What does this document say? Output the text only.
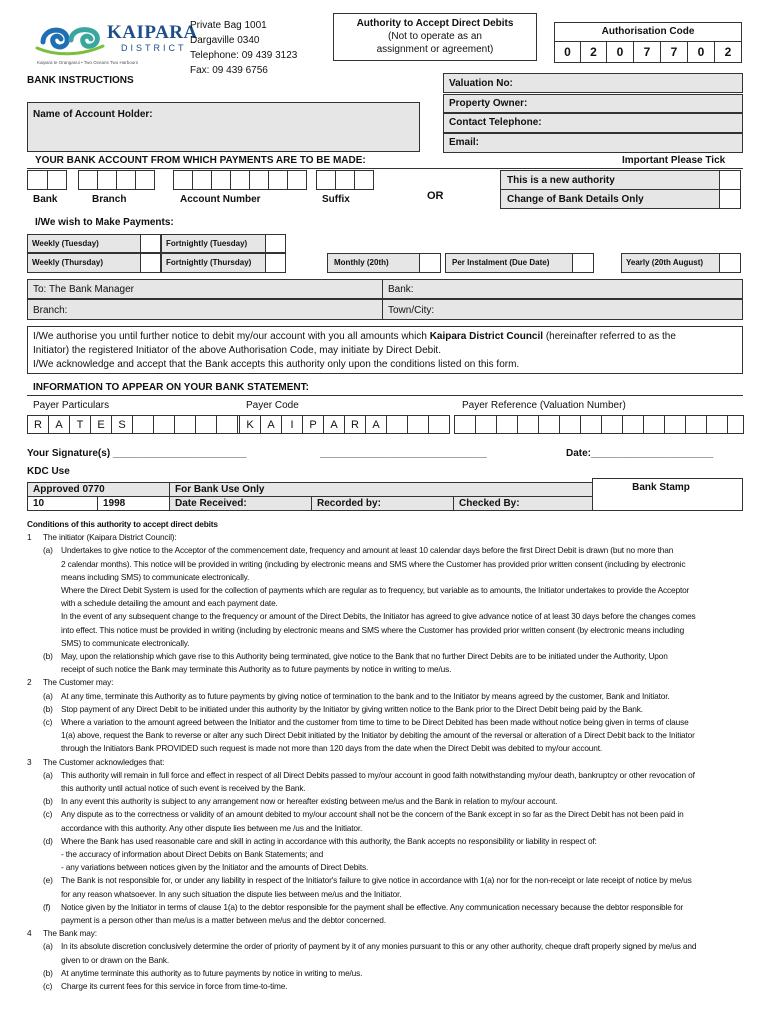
KAIPARA
DISTRICT
Kaipara te Oranganui • Two Oceans Two Harbours
Private Bag 1001
Dargaville 0340
Telephone: 09 439 3123
Fax: 09 439 6756
Authority to Accept Direct Debits
(Not to operate as an assignment or agreement)
Authorisation Code
0	2	0	7	7	0	2
BANK INSTRUCTIONS	Valuation No:
Property Owner:
Contact Telephone:
Email:
Name of Account Holder:
YOUR BANK ACCOUNT FROM WHICH PAYMENTS ARE TO BE MADE:	Important Please Tick
Bank	Branch	Account Number	Suffix	OR
This is a new authority
Change of Bank Details Only
I/We wish to Make Payments:
Weekly (Tuesday)	Fortnightly (Tuesday)
Weekly (Thursday)	Fortnightly (Thursday)	Monthly (20th)	Per Instalment (Due Date)	Yearly (20th August)
To: The Bank Manager	Bank:
Branch:	Town/City:
I/We authorise you until further notice to debit my/our account with you all amounts which Kaipara District Council (hereinafter referred to as the
Initiator) the registered Initiator of the above Authorisation Code, may initiate by Direct Debit.
I/We acknowledge and accept that the Bank accepts this authority only upon the conditions listed on this form.
INFORMATION TO APPEAR ON YOUR BANK STATEMENT:
Payer Particulars	Payer Code	Payer Reference (Valuation Number)
R	A	T	E	S	K	A	I	P	A	R	A
Your Signature(s) ________________________	______________________________	Date:______________________
KDC Use
Approved 0770
10	1998
For Bank Use Only
Date Received:	Recorded by:	Checked By:
Bank Stamp
Conditions of this authority to accept direct debits
1 The initiator (Kaipara District Council):
(a) Undertakes to give notice to the Acceptor of the commencement date, frequency and amount at least 10 calendar days before the first Direct Debit is drawn (but no more than
2 calendar months). This notice will be provided in writing (including by electronic means and SMS where the Customer has provided prior written consent (including by electronic
means including SMS) to communicate electronically.
Where the Direct Debit System is used for the collection of payments which are regular as to frequency, but variable as to amounts, the Initiator undertakes to provide the Acceptor
with a schedule detailing the amount and each payment date.
In the event of any subsequent change to the frequency or amount of the Direct Debits, the Initiator has agreed to give advance notice of at least 30 days before the changes comes
into effect. This notice must be provided in writing (including by electronic means and SMS where the Customer has provided prior written consent (by electronic means including
SMS) to communicate electronically.
(b) May, upon the relationship which gave rise to this Authority being terminated, give notice to the Bank that no further Direct Debits are to be initiated under the Authority, Upon
receipt of such notice the Bank may terminate this Authority as to future payments by notice in writing to me/us.
2 The Customer may:
(a) At any time, terminate this Authority as to future payments by giving notice of termination to the bank and to the Initiator by means agreed by the customer, Bank and Initiator.
(b) Stop payment of any Direct Debit to be initiated under this authority by the Initiator by giving written notice to the Bank prior to the Direct Debit being paid by the Bank.
(c) Where a variation to the amount agreed between the Initiator and the customer from time to time to be Direct Debited has been made without notice being given in terms of clause
1(a) above, request the Bank to reverse or alter any such Direct Debit initiated by the Initiator by debiting the amount of the reversal or alteration of a Direct Debit back to the Initiator
through the Initiators Bank PROVIDED such request is made not more than 120 days from the date when the Direct Debit was debited to my/our account.
3 The Customer acknowledges that:
(a) This authority will remain in full force and effect in respect of all Direct Debits passed to my/our account in good faith notwithstanding my/our death, bankruptcy or other revocation of
this authority until actual notice of such event is received by the Bank.
(b) In any event this authority is subject to any arrangement now or hereafter existing between me/us and the Bank in relation to my/our account.
(c) Any dispute as to the correctness or validity of an amount debited to my/our account shall not be the concern of the Bank except in so far as the Direct Debit has not been paid in
accordance with this authority. Any other dispute lies between me /us and the Initiator.
(d) Where the Bank has used reasonable care and skill in acting in accordance with this authority, the Bank accepts no responsibility or liability in respect of:
- the accuracy of information about Direct Debits on Bank Statements; and
- any variations between notices given by the Initiator and the amounts of Direct Debits.
(e) The Bank is not responsible for, or under any liability in respect of the Initiator's failure to give notice in accordance with 1(a) nor for the non-receipt or late receipt of notice by me/us
for any reason whatsoever. In any such situation the dispute lies between me/us and the Initiator.
(f) Notice given by the Initiator in terms of clause 1(a) to the debtor responsible for the payment shall be effective. Any communication necessary because the debtor responsible for
payment is a person other than me/us is a matter between me/us and the debtor concerned.
4 The Bank may:
(a) In its absolute discretion conclusively determine the order of priority of payment by it of any monies pursuant to this or any other authority, cheque draft properly signed by me/us and
given to or drawn on the Bank.
(b) At anytime terminate this authority as to future payments by notice in writing to me/us.
(c) Charge its current fees for this service in force from time-to-time.
